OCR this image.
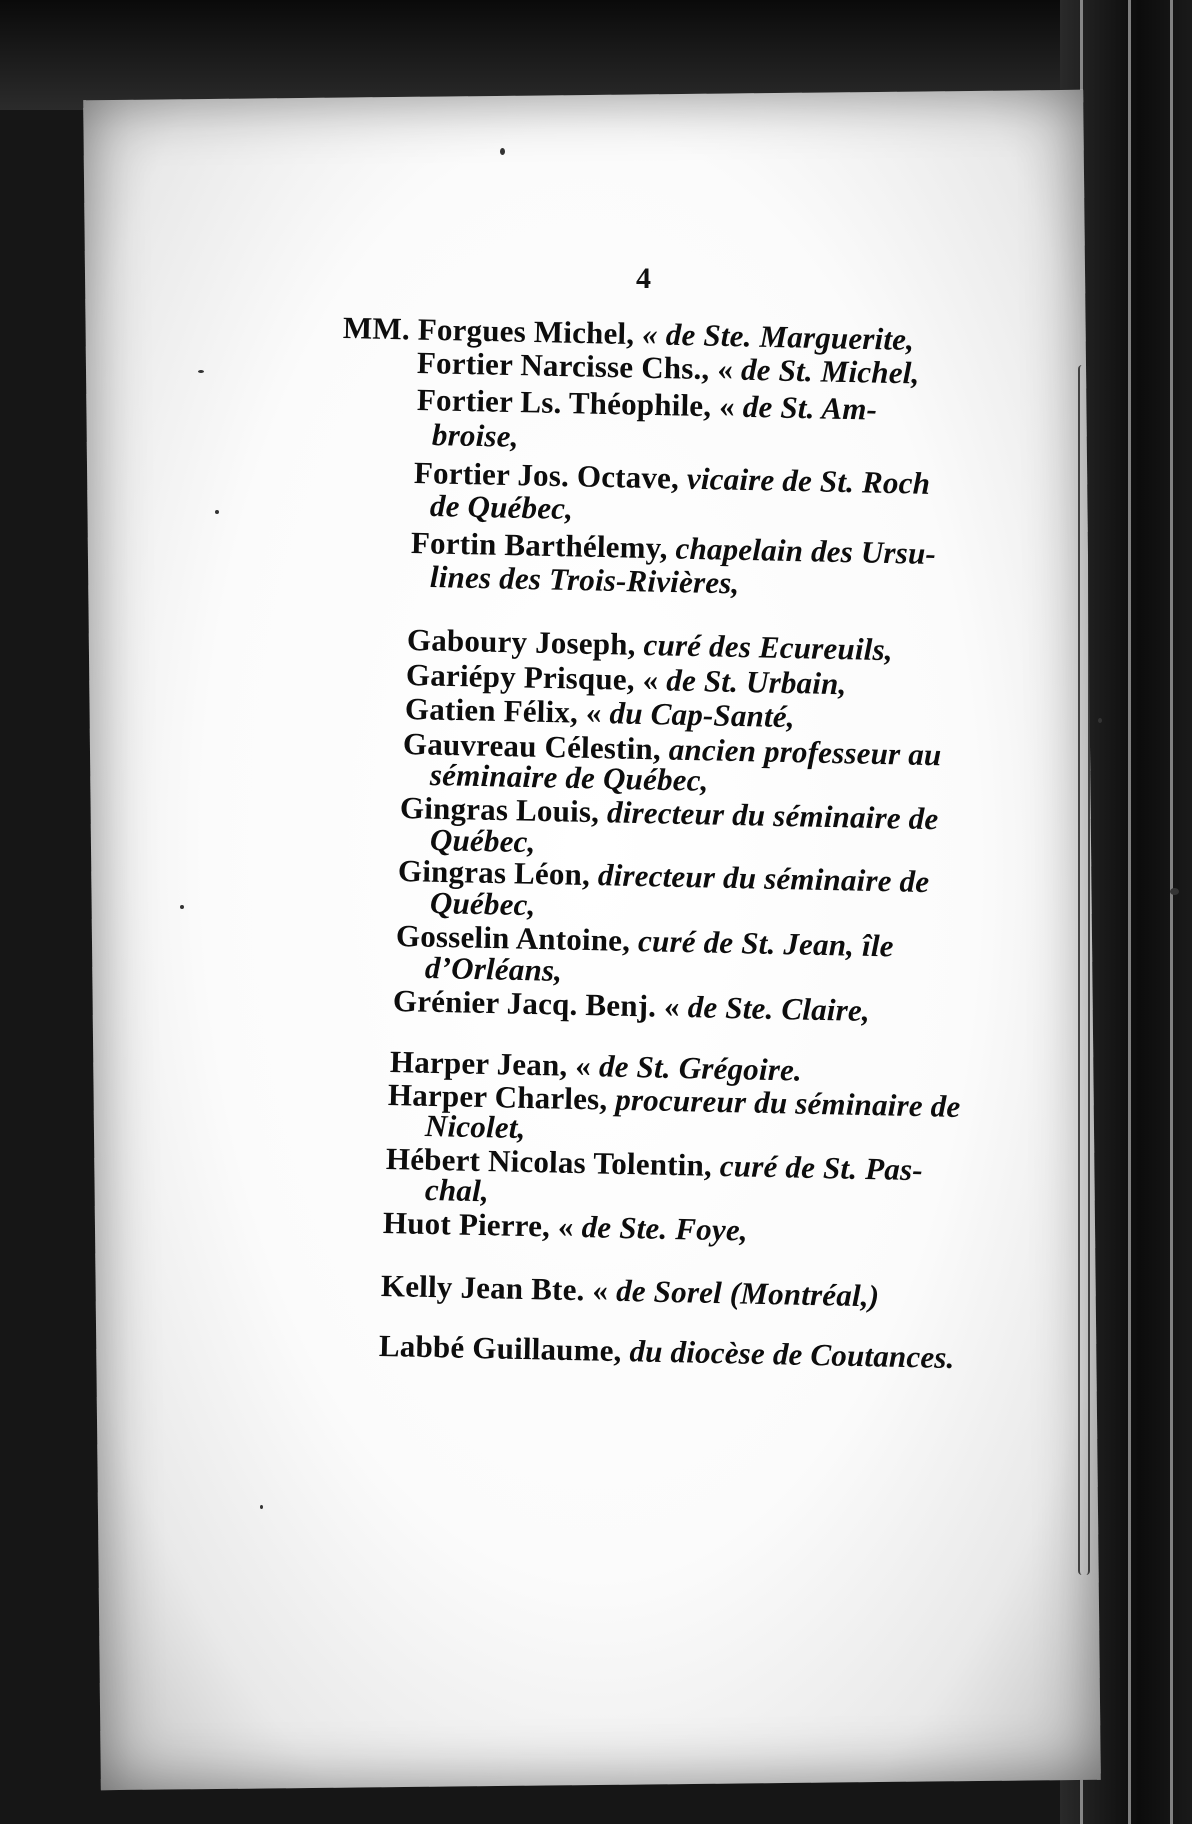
4
MM. Forgues Michel, « de Ste. Marguerite,
Fortier Narcisse Chs., « de St. Michel,
Fortier Ls. Théophile, « de St. Am-
broise,
Fortier Jos. Octave, vicaire de St. Roch
de Québec,
Fortin Barthélemy, chapelain des Ursu-
lines des Trois-Rivières,
Gaboury Joseph, curé des Ecureuils,
Gariépy Prisque, « de St. Urbain,
Gatien Félix, « du Cap-Santé,
Gauvreau Célestin, ancien professeur au
séminaire de Québec,
Gingras Louis, directeur du séminaire de
Québec,
Gingras Léon, directeur du séminaire de
Québec,
Gosselin Antoine, curé de St. Jean, île
d’Orléans,
Grénier Jacq. Benj. « de Ste. Claire,
Harper Jean, « de St. Grégoire.
Harper Charles, procureur du séminaire de
Nicolet,
Hébert Nicolas Tolentin, curé de St. Pas-
chal,
Huot Pierre, « de Ste. Foye,
Kelly Jean Bte. « de Sorel (Montréal,)
Labbé Guillaume, du diocèse de Coutances.
